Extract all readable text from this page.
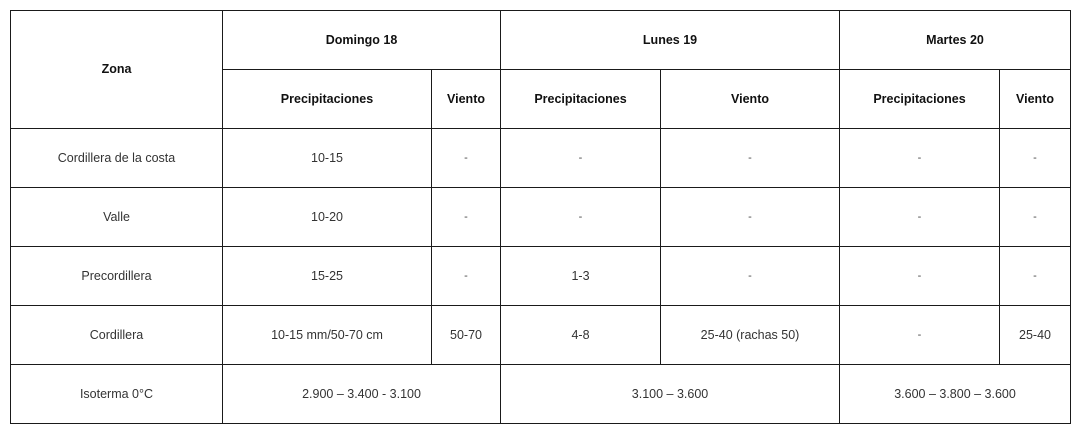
Zona	Domingo 18		Lunes 19		Martes 20	
	Precipitaciones	Viento	Precipitaciones	Viento	Precipitaciones	Viento
Cordillera de la costa	10-15	-	-	-	-	-
Valle	10-20	-	-	-	-	-
Precordillera	15-25	-	1-3	-	-	-
Cordillera	10-15 mm/50-70 cm	50-70	4-8	25-40 (rachas 50)	-	25-40
Isoterma 0°C	2.900 – 3.400 - 3.100		3.100 – 3.600		3.600 – 3.800 – 3.600	
